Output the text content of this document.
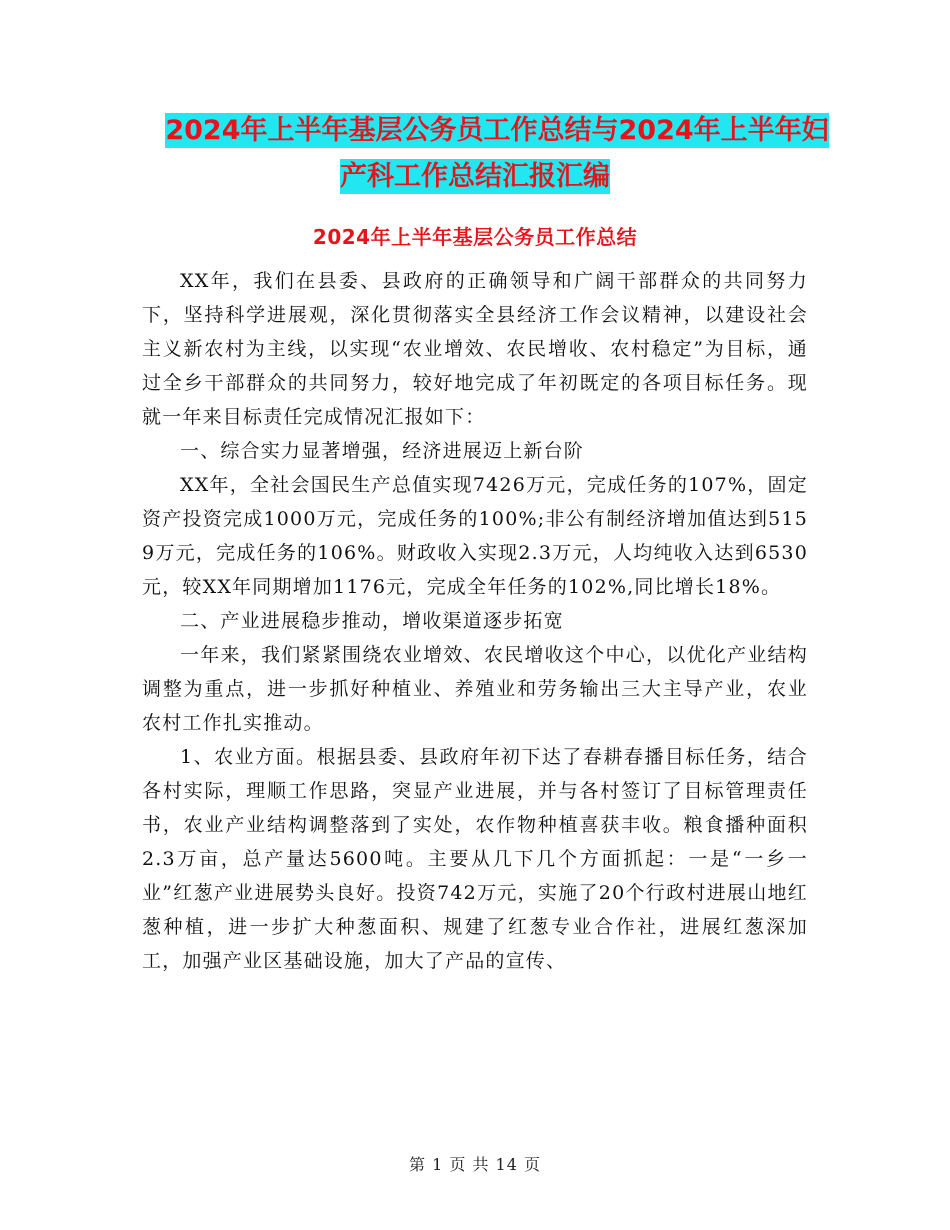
2024年上半年基层公务员工作总结与2024年上半年妇
产科工作总结汇报汇编
2024年上半年基层公务员工作总结

XX年，我们在县委、县政府的正确领导和广阔干部群众的共同努力下，坚持科学进展观，深化贯彻落实全县经济工作会议精神，以建设社会主义新农村为主线，以实现“农业增效、农民增收、农村稳定”为目标，通过全乡干部群众的共同努力，较好地完成了年初既定的各项目标任务。现就一年来目标责任完成情况汇报如下：

一、综合实力显著增强，经济进展迈上新台阶

XX年，全社会国民生产总值实现7426万元，完成任务的107%，固定资产投资完成1000万元，完成任务的100%;非公有制经济增加值达到5159万元，完成任务的106%。财政收入实现2.3万元，人均纯收入达到6530元，较XX年同期增加1176元，完成全年任务的102%,同比增长18%。

二、产业进展稳步推动，增收渠道逐步拓宽

一年来，我们紧紧围绕农业增效、农民增收这个中心，以优化产业结构调整为重点，进一步抓好种植业、养殖业和劳务输出三大主导产业，农业农村工作扎实推动。

1、农业方面。根据县委、县政府年初下达了春耕春播目标任务，结合各村实际，理顺工作思路，突显产业进展，并与各村签订了目标管理责任书，农业产业结构调整落到了实处，农作物种植喜获丰收。粮食播种面积2.3万亩，总产量达5600吨。主要从几下几个方面抓起：一是“一乡一业”红葱产业进展势头良好。投资742万元，实施了20个行政村进展山地红葱种植，进一步扩大种葱面积、规建了红葱专业合作社，进展红葱深加工，加强产业区基础设施，加大了产品的宣传、

第 1 页 共 14 页
